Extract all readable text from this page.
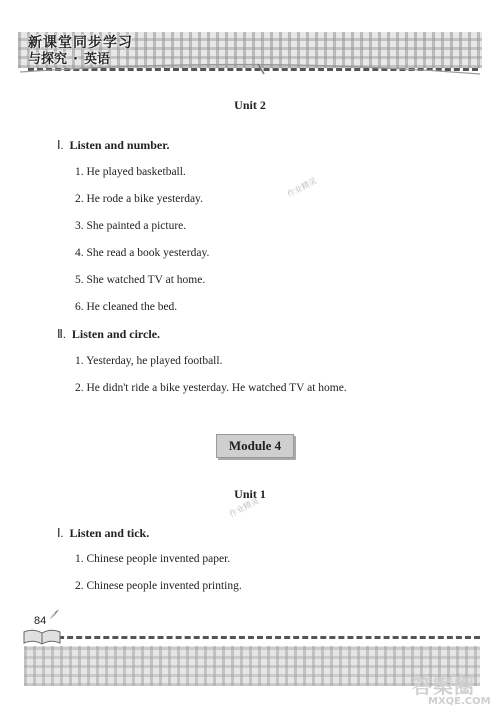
新课堂同步学习
与探究 · 英语
Unit 2
Ⅰ. Listen and number.

1. He played basketball.

2. He rode a bike yesterday.

3. She painted a picture.

4. She read a book yesterday.

5. She watched TV at home.

6. He cleaned the bed.

Ⅱ. Listen and circle.

1. Yesterday, he played football.

2. He didn't ride a bike yesterday. He watched TV at home.

Module 4
Unit 1
Ⅰ. Listen and tick.

1. Chinese people invented paper.

2. Chinese people invented printing.

作业精灵
作业精灵
84
答案圈
MXQE.COM
